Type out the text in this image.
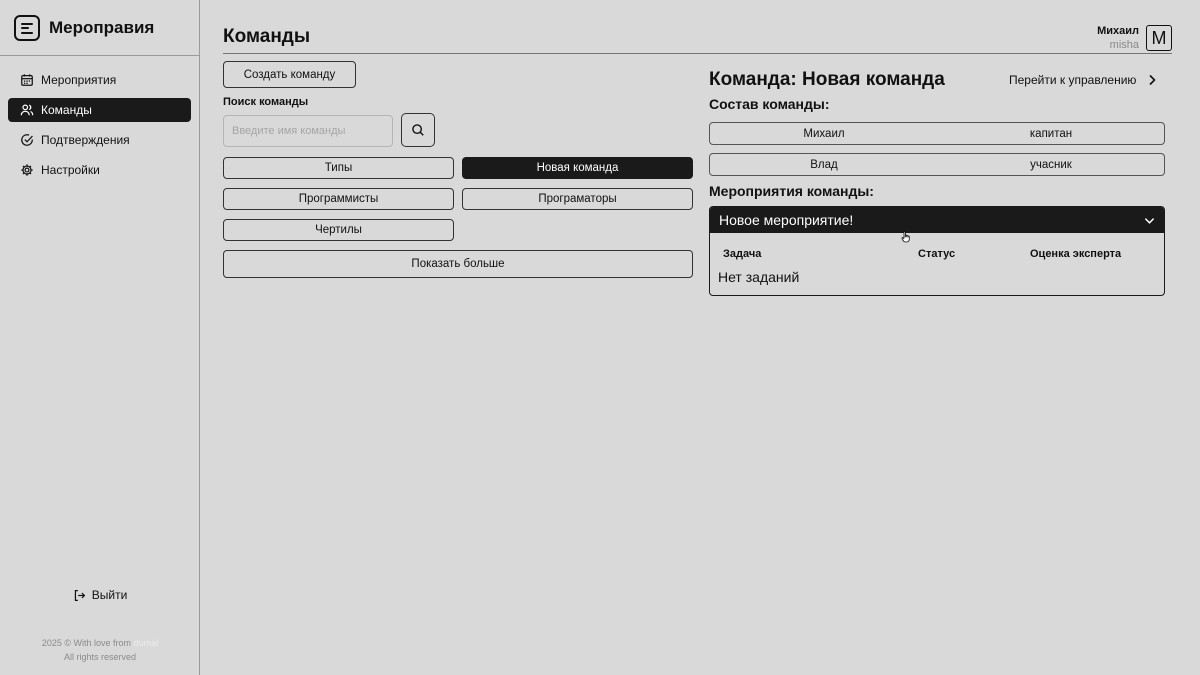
Мероправия
Мероприятия
Команды
Подтверждения
Настройки
Выйти
2025 © With love from dumal
All rights reserved
Команды	Михаил
misha M
Создать команду
Поиск команды
Введите имя команды
Типы	Новая команда
Программисты	Програматоры
Чертилы
Показать больше
Команда: Новая команда	Перейти к управлению
Состав команды:
Михаил	капитан
Влад	учасник
Мероприятия команды:
Новое мероприятие!
Задача	Статус	Оценка эксперта
Нет заданий
